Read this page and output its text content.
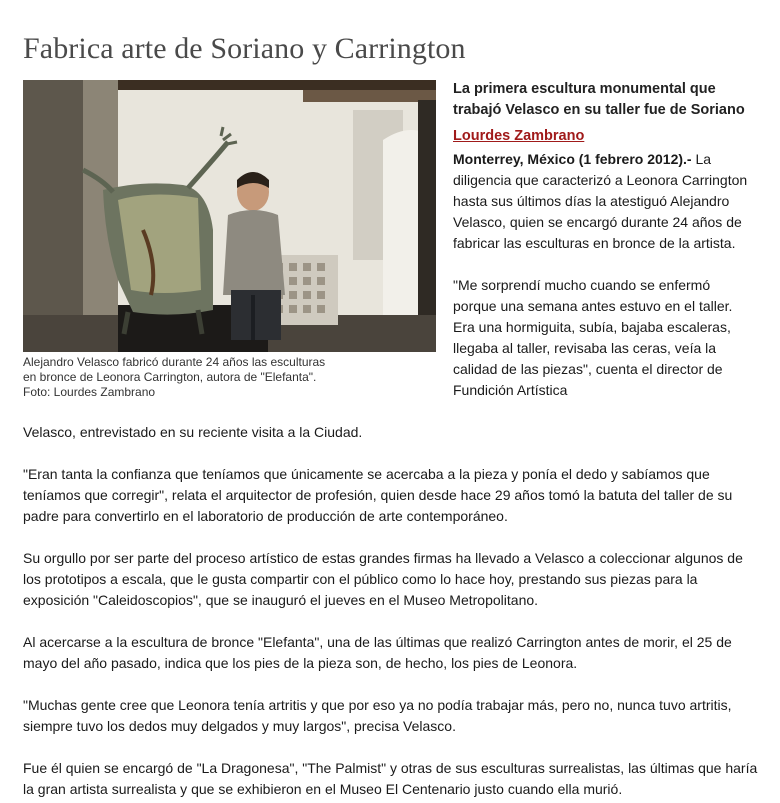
Fabrica arte de Soriano y Carrington
Alejandro Velasco fabricó durante 24 años las esculturas
en bronce de Leonora Carrington, autora de "Elefanta".
Foto: Lourdes Zambrano
La primera escultura monumental que trabajó Velasco en su taller fue de Soriano
Lourdes Zambrano

Monterrey, México (1 febrero 2012).- La diligencia que caracterizó a Leonora Carrington hasta sus últimos días la atestiguó Alejandro Velasco, quien se encargó durante 24 años de fabricar las esculturas en bronce de la artista.

"Me sorprendí mucho cuando se enfermó porque una semana antes estuvo en el taller. Era una hormiguita, subía, bajaba escaleras, llegaba al taller, revisaba las ceras, veía la calidad de las piezas", cuenta el director de Fundición Artística

Velasco, entrevistado en su reciente visita a la Ciudad.

"Eran tanta la confianza que teníamos que únicamente se acercaba a la pieza y ponía el dedo y sabíamos que teníamos que corregir", relata el arquitector de profesión, quien desde hace 29 años tomó la batuta del taller de su padre para convertirlo en el laboratorio de producción de arte contemporáneo.

Su orgullo por ser parte del proceso artístico de estas grandes firmas ha llevado a Velasco a coleccionar algunos de los prototipos a escala, que le gusta compartir con el público como lo hace hoy, prestando sus piezas para la exposición "Caleidoscopios", que se inauguró el jueves en el Museo Metropolitano.

Al acercarse a la escultura de bronce "Elefanta", una de las últimas que realizó Carrington antes de morir, el 25 de mayo del año pasado, indica que los pies de la pieza son, de hecho, los pies de Leonora.

"Muchas gente cree que Leonora tenía artritis y que por eso ya no podía trabajar más, pero no, nunca tuvo artritis, siempre tuvo los dedos muy delgados y muy largos", precisa Velasco.

Fue él quien se encargó de "La Dragonesa", "The Palmist" y otras de sus esculturas surrealistas, las últimas que haría la gran artista surrealista y que se exhibieron en el Museo El Centenario justo cuando ella murió.
